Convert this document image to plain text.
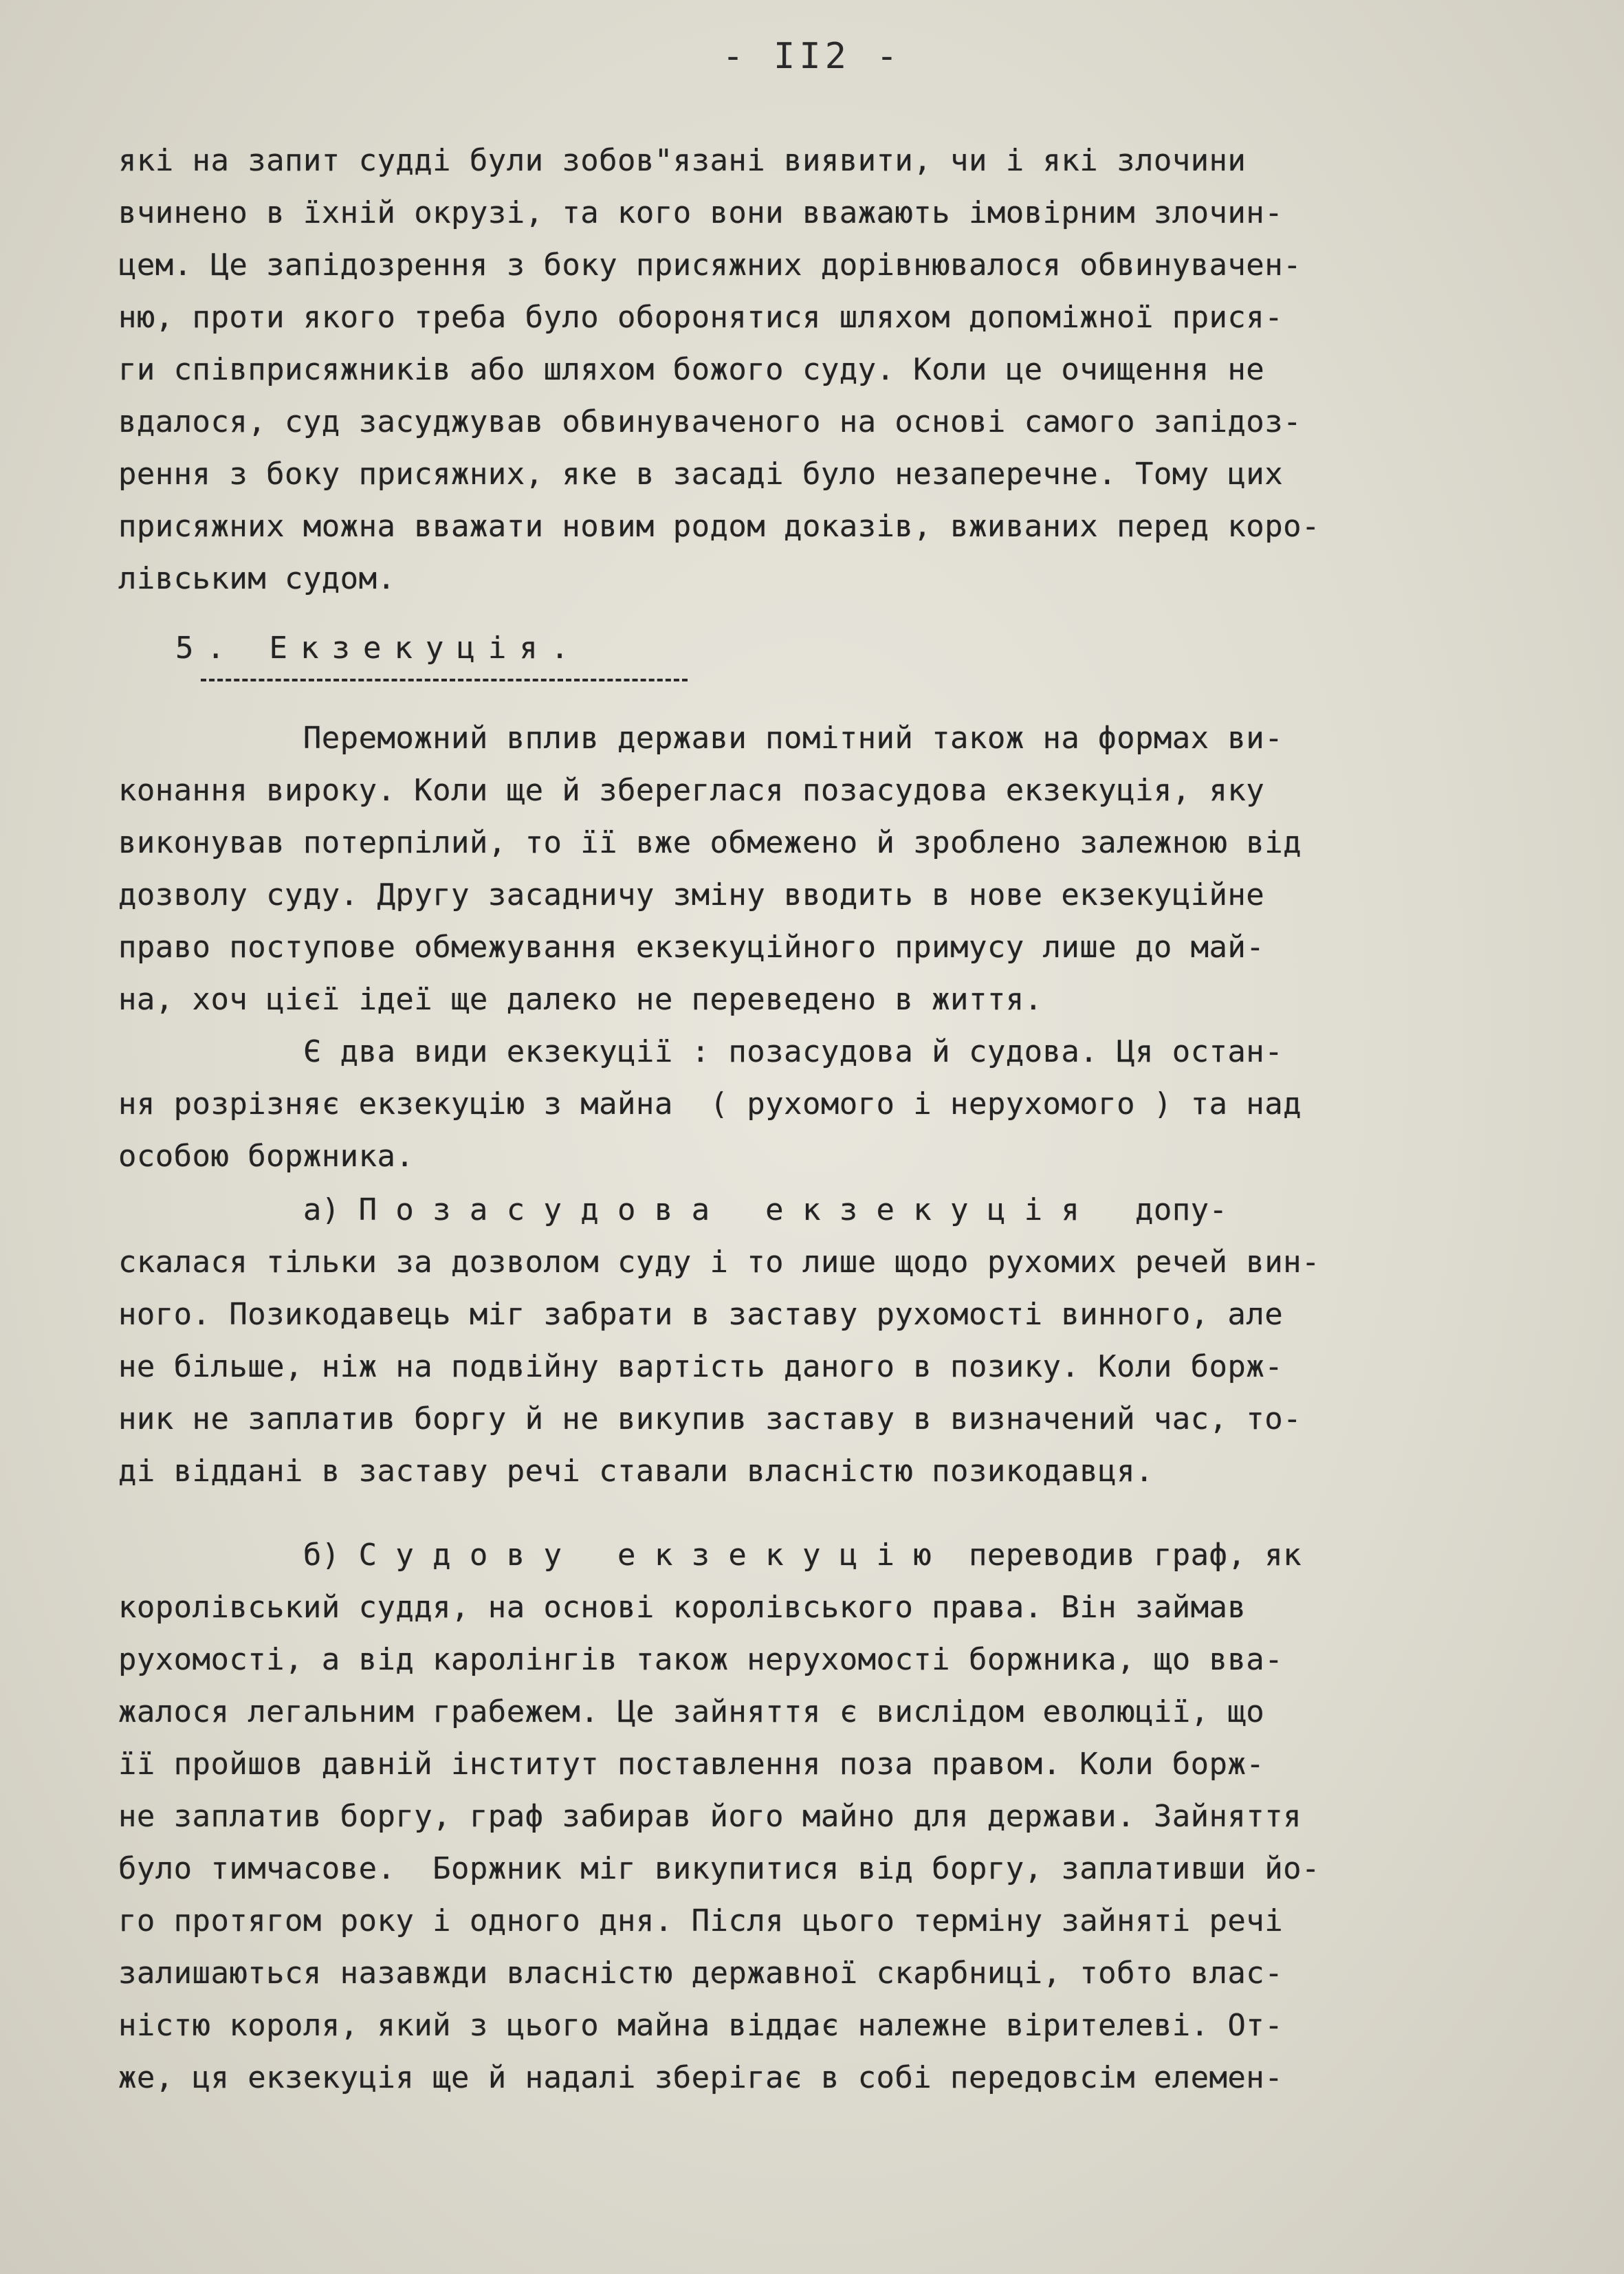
- II2 -
які на запит судді були зобов"язані виявити, чи і які злочини
вчинено в їхній окрузі, та кого вони вважають імовірним злочин-
цем. Це запідозрення з боку присяжних дорівнювалося обвинувачен-
ню, проти якого треба було оборонятися шляхом допоміжної прися-
ги співприсяжників або шляхом божого суду. Коли це очищення не
вдалося, суд засуджував обвинуваченого на основі самого запідоз-
рення з боку присяжних, яке в засаді було незаперечне. Тому цих
присяжних можна вважати новим родом доказів, вживаних перед коро-
лівським судом.
5. Екзекуція.
Переможний вплив держави помітний також на формах ви-
конання вироку. Коли ще й збереглася позасудова екзекуція, яку
виконував потерпілий, то її вже обмежено й зроблено залежною від
дозволу суду. Другу засадничу зміну вводить в нове екзекуційне
право поступове обмежування екзекуційного примусу лише до май-
на, хоч цієї ідеї ще далеко не переведено в життя.
Є два види екзекуції : позасудова й судова. Ця остан-
ня розрізняє екзекуцію з майна  ( рухомого і нерухомого ) та над
особою боржника.
а) П о з а с у д о в а   е к з е к у ц і я   допу-
скалася тільки за дозволом суду і то лише щодо рухомих речей вин-
ного. Позикодавець міг забрати в заставу рухомості винного, але
не більше, ніж на подвійну вартість даного в позику. Коли борж-
ник не заплатив боргу й не викупив заставу в визначений час, то-
ді віддані в заставу речі ставали власністю позикодавця.
б) С у д о в у   е к з е к у ц і ю  переводив граф, як
королівський суддя, на основі королівського права. Він займав
рухомості, а від каролінгів також нерухомості боржника, що вва-
жалося легальним грабежем. Це зайняття є вислідом еволюції, що
її пройшов давній інститут поставлення поза правом. Коли борж-
не заплатив боргу, граф забирав його майно для держави. Зайняття
було тимчасове.  Боржник міг викупитися від боргу, заплативши йо-
го протягом року і одного дня. Після цього терміну зайняті речі
залишаються назавжди власністю державної скарбниці, тобто влас-
ністю короля, який з цього майна віддає належне вірителеві. От-
же, ця екзекуція ще й надалі зберігає в собі передовсім елемен-
